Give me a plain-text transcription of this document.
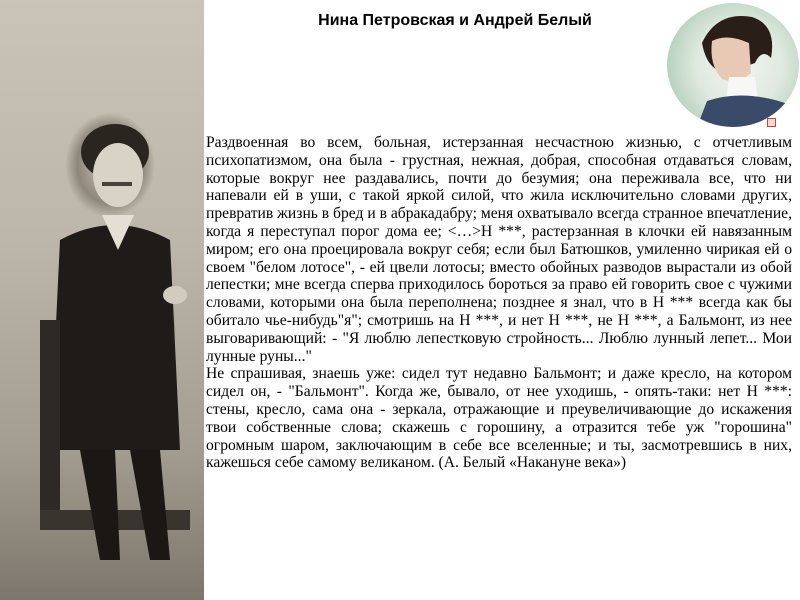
Нина Петровская и Андрей Белый
Раздвоенная во всем, больная, истерзанная несчастною жизнью, с отчетливым психопатизмом, она была - грустная, нежная, добрая, способная отдаваться словам, которые вокруг нее раздавались, почти до безумия; она переживала все, что ни напевали ей в уши, с такой яркой силой, что жила исключительно словами других, превратив жизнь в бред и в абракадабру; меня охватывало всегда странное впечатление, когда я переступал порог дома ее; <…>Н ***, растерзанная в клочки ей навязанным миром; его она проецировала вокруг себя; если был Батюшков, умиленно чирикая ей о своем "белом лотосе", - ей цвели лотосы; вместо обойных разводов вырастали из обой лепестки; мне всегда сперва приходилось бороться за право ей говорить свое с чужими словами, которыми она была переполнена; позднее я знал, что в Н *** всегда как бы обитало чье-нибудь"я"; смотришь на Н ***, и нет Н ***, не Н ***, а Бальмонт, из нее выговаривающий: - "Я люблю лепестковую стройность... Люблю лунный лепет... Мои лунные руны..."
Не спрашивая, знаешь уже: сидел тут недавно Бальмонт; и даже кресло, на котором сидел он, - "Бальмонт". Когда же, бывало, от нее уходишь, - опять-таки: нет Н ***: стены, кресло, сама она - зеркала, отражающие и преувеличивающие до искажения твои собственные слова; скажешь с горошину, а отразится тебе уж "горошина" огромным шаром, заключающим в себе все вселенные; и ты, засмотревшись в них, кажешься себе самому великаном. (А. Белый «Накануне века»)
